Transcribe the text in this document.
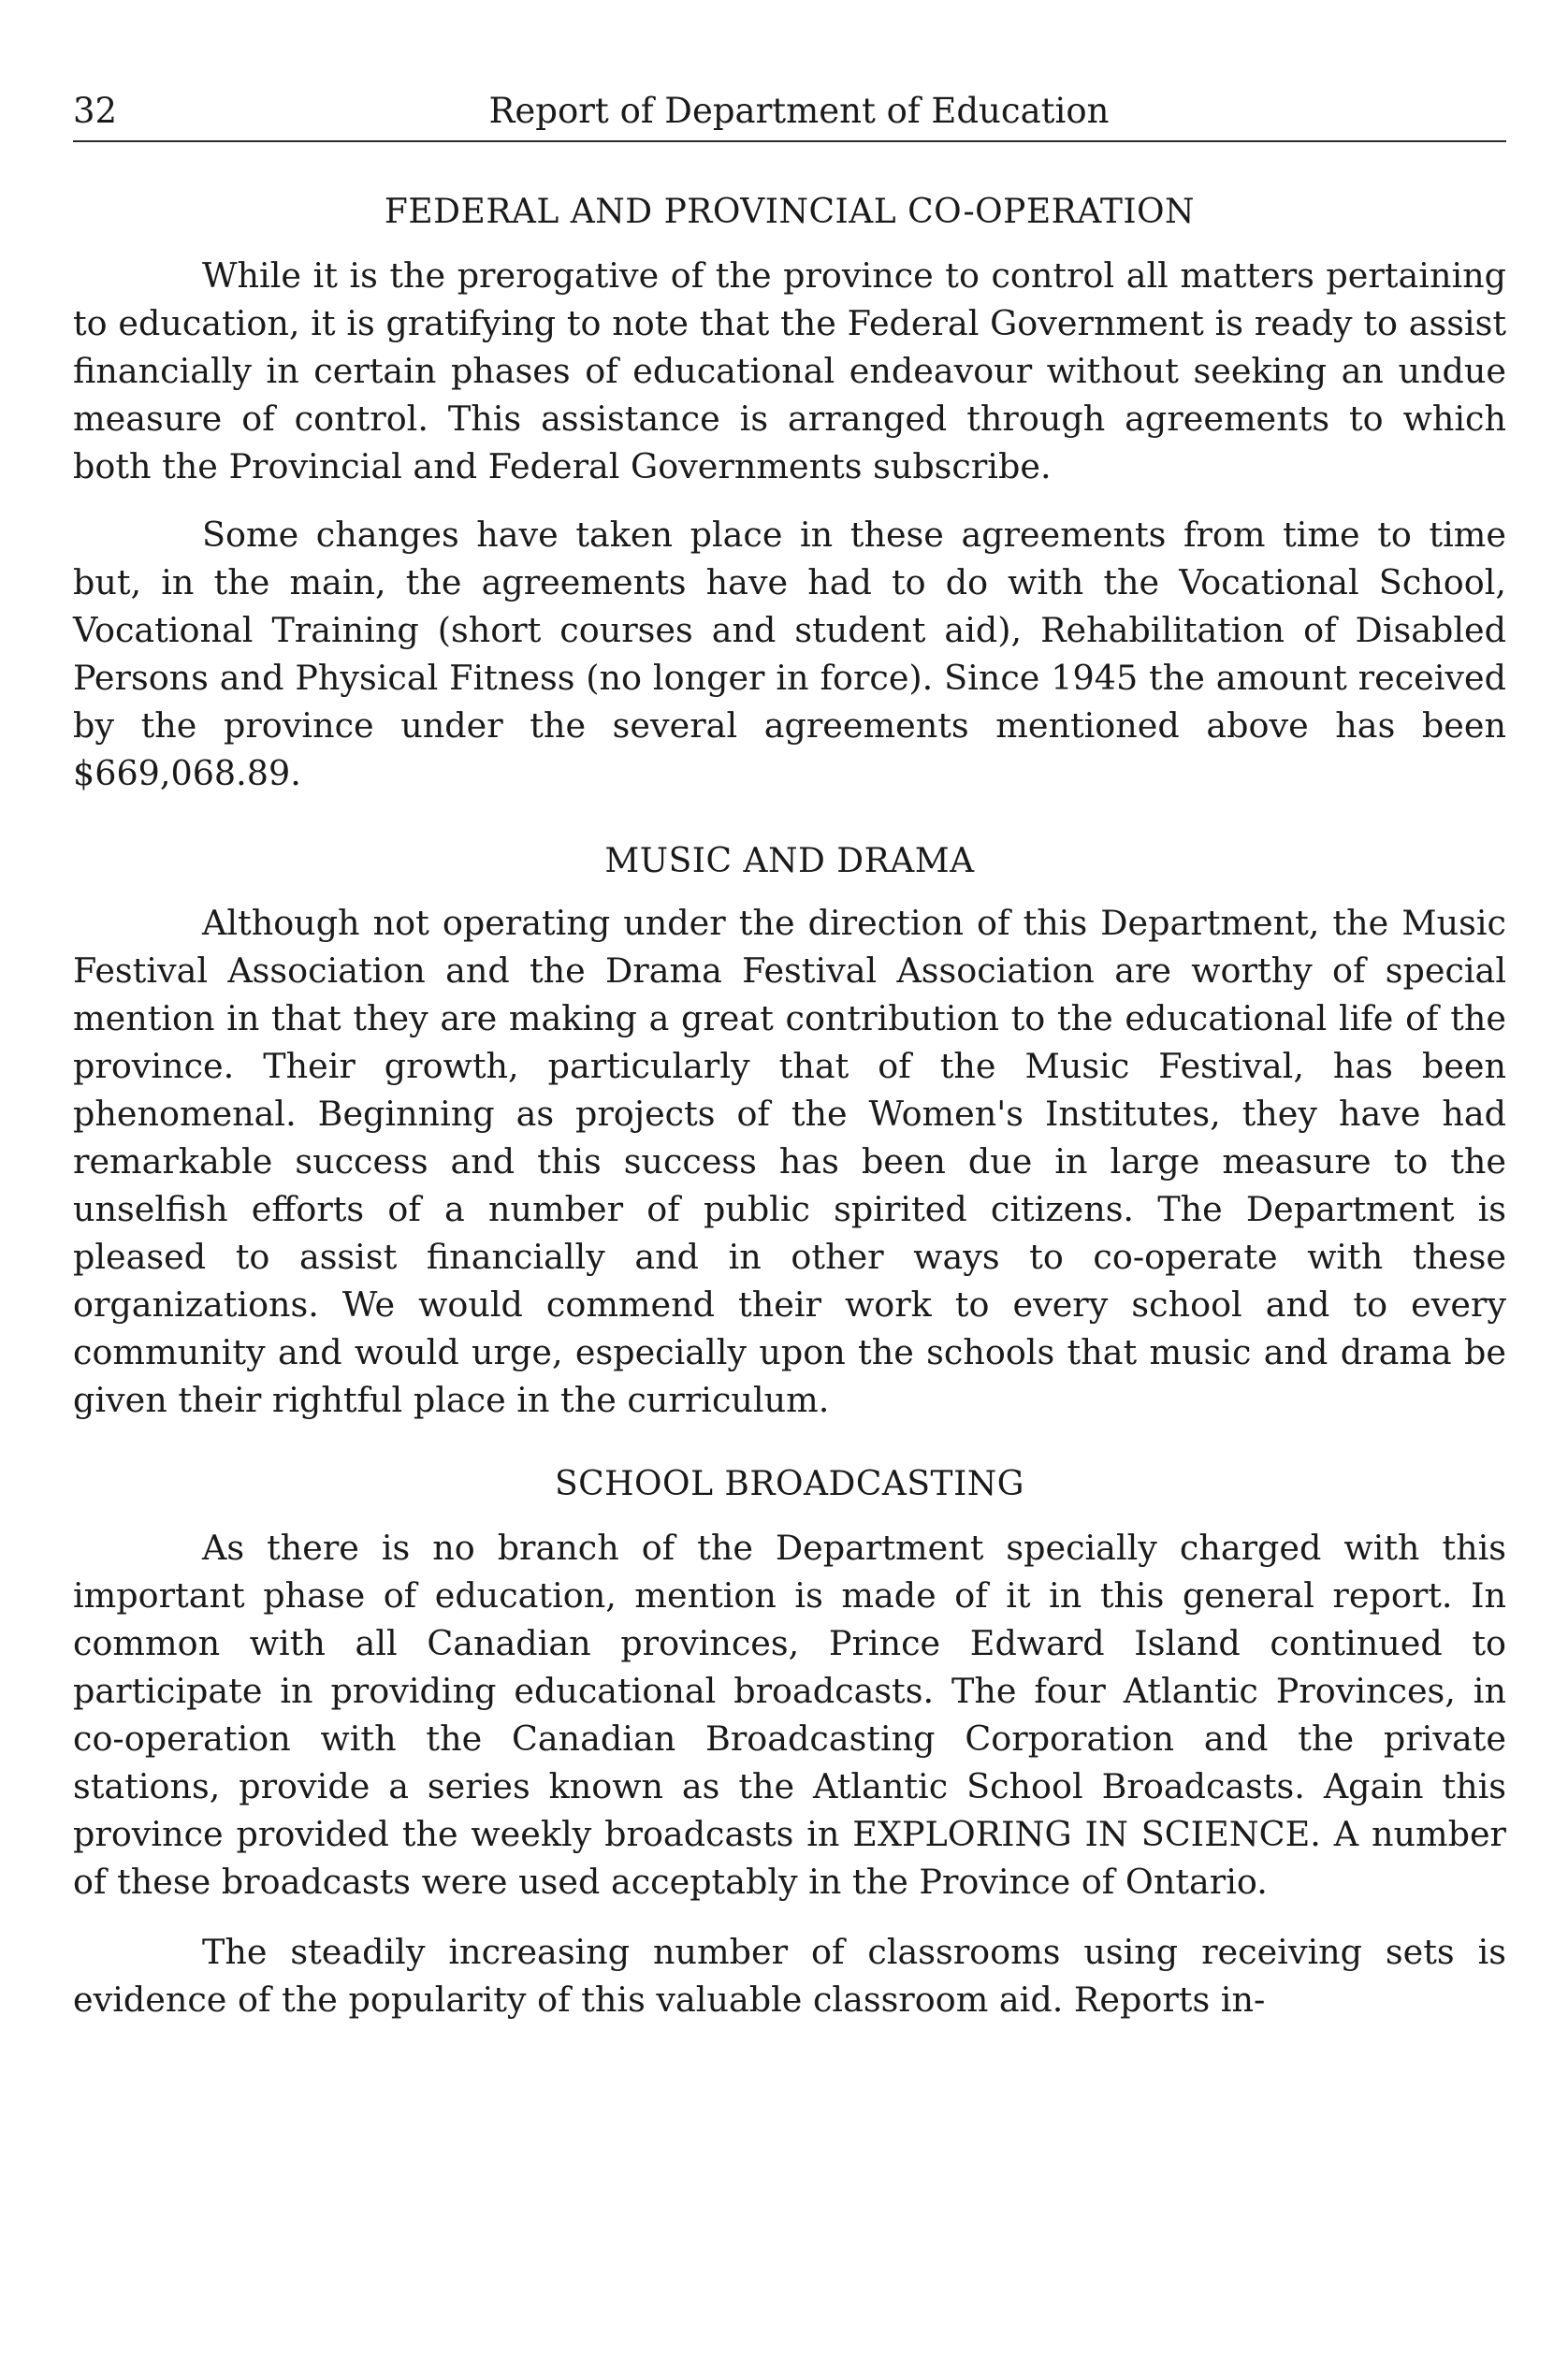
32	Report of Department of Education
FEDERAL AND PROVINCIAL CO-OPERATION

While it is the prerogative of the province to control all matters pertaining to education, it is gratifying to note that the Federal Government is ready to assist financially in certain phases of educational endeavour without seeking an undue measure of control. This assistance is arranged through agreements to which both the Provincial and Federal Governments subscribe.

Some changes have taken place in these agreements from time to time but, in the main, the agreements have had to do with the Vocational School, Vocational Training (short courses and student aid), Rehabilitation of Disabled Persons and Physical Fitness (no longer in force). Since 1945 the amount received by the province under the several agreements mentioned above has been $669,068.89.

MUSIC AND DRAMA

Although not operating under the direction of this Department, the Music Festival Association and the Drama Festival Association are worthy of special mention in that they are making a great contribution to the educational life of the province. Their growth, particularly that of the Music Festival, has been phenomenal. Beginning as projects of the Women's Institutes, they have had remarkable success and this success has been due in large measure to the unselfish efforts of a number of public spirited citizens. The Department is pleased to assist financially and in other ways to co-operate with these organizations. We would commend their work to every school and to every community and would urge, especially upon the schools that music and drama be given their rightful place in the curriculum.

SCHOOL BROADCASTING

As there is no branch of the Department specially charged with this important phase of education, mention is made of it in this general report. In common with all Canadian provinces, Prince Edward Island continued to participate in providing educational broadcasts. The four Atlantic Provinces, in co-operation with the Canadian Broadcasting Corporation and the private stations, provide a series known as the Atlantic School Broadcasts. Again this province provided the weekly broadcasts in EXPLORING IN SCIENCE. A number of these broadcasts were used acceptably in the Province of Ontario.

The steadily increasing number of classrooms using receiving sets is evidence of the popularity of this valuable classroom aid. Reports in-
